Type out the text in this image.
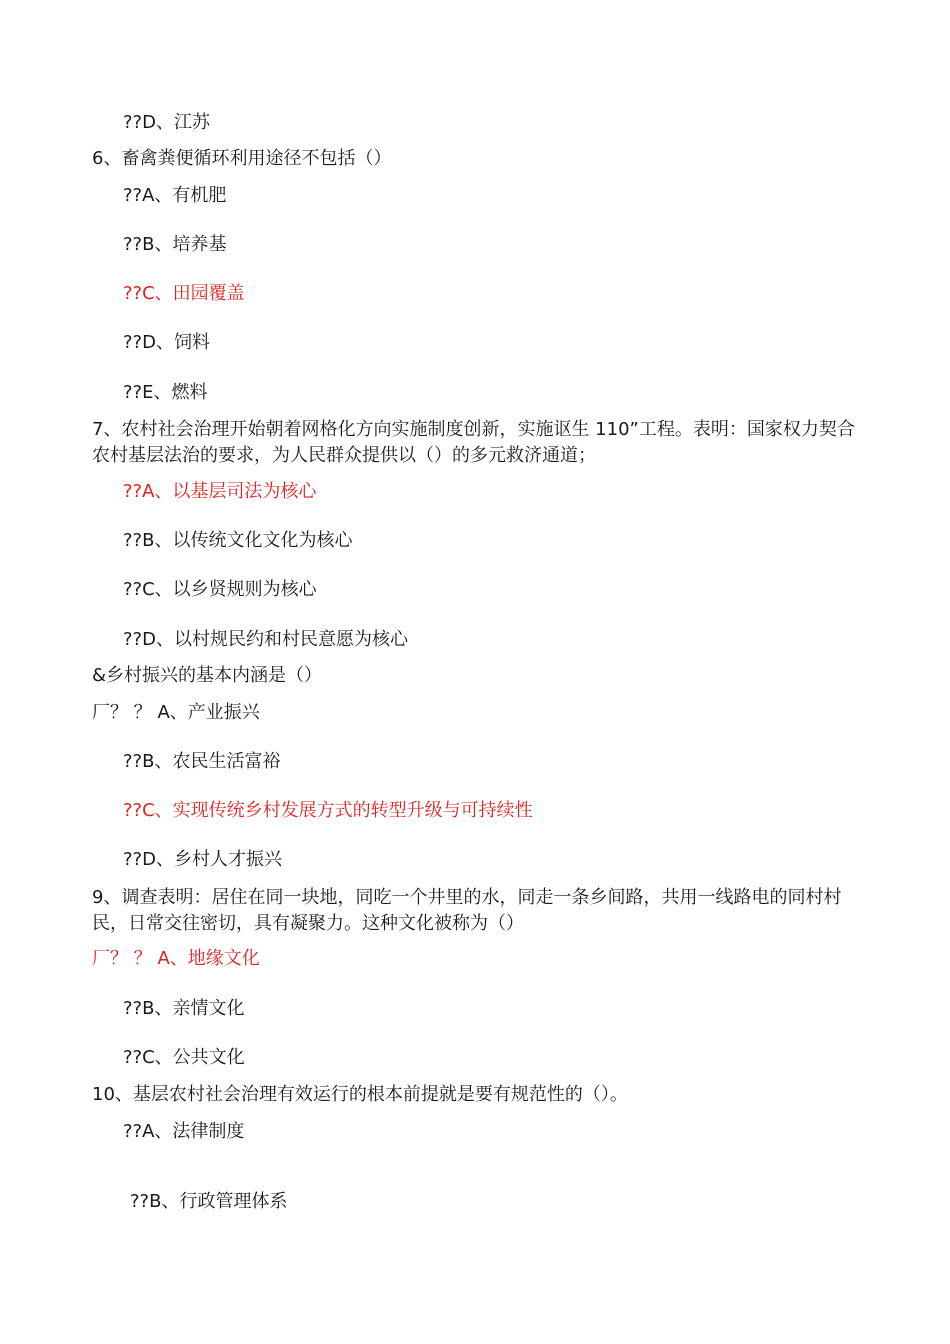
??D、江苏
6、畜禽粪便循环利用途径不包括（）
??A、有机肥
??B、培养基
??C、田园覆盖
??D、饲料
??E、燃料
7、农村社会治理开始朝着网格化方向实施制度创新，实施讴生 110”工程。表明：国家权力契合农村基层法治的要求，为人民群众提供以（）的多元救济通道；
??A、以基层司法为核心
??B、以传统文化文化为核心
??C、以乡贤规则为核心
??D、以村规民约和村民意愿为核心
&乡村振兴的基本内涵是（）
厂？ ？ A、产业振兴
??B、农民生活富裕
??C、实现传统乡村发展方式的转型升级与可持续性
??D、乡村人才振兴
9、调查表明：居住在同一块地，同吃一个井里的水，同走一条乡间路，共用一线路电的同村村民，日常交往密切，具有凝聚力。这种文化被称为（）
厂？ ？ A、地缘文化
??B、亲情文化
??C、公共文化
10、基层农村社会治理有效运行的根本前提就是要有规范性的（）。
??A、法律制度
??B、行政管理体系
